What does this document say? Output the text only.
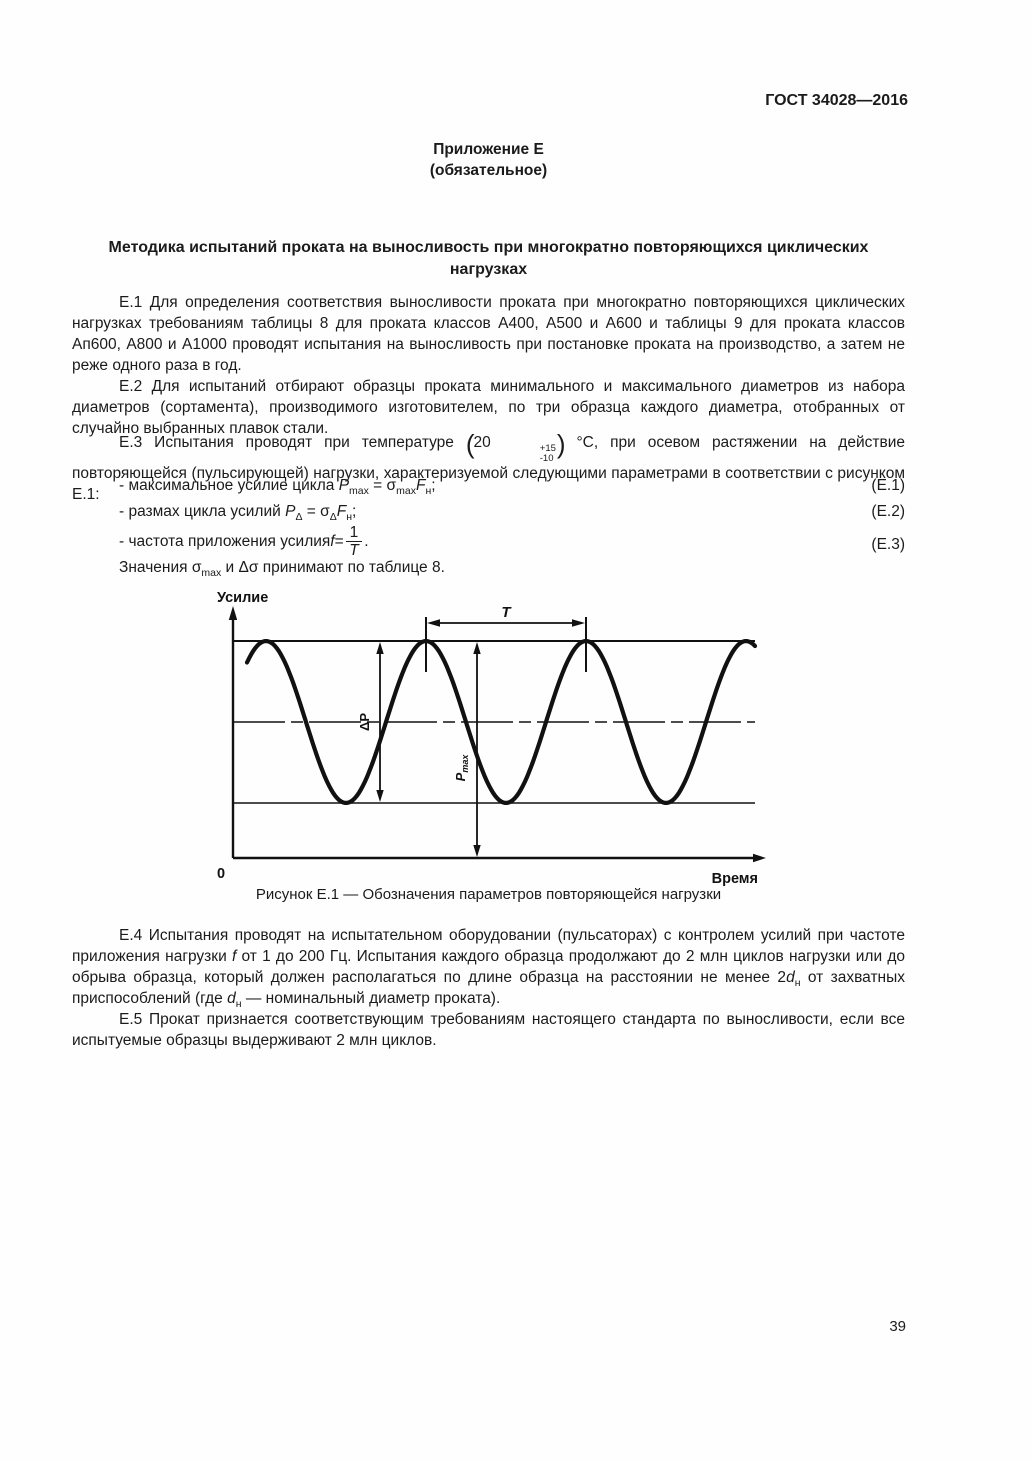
ГОСТ 34028—2016
Приложение Е
(обязательное)
Методика испытаний проката на выносливость при многократно повторяющихся циклических нагрузках

Е.1 Для определения соответствия выносливости проката при многократно повторяющихся циклических нагрузках требованиям таблицы 8 для проката классов А400, А500 и А600 и таблицы 9 для проката классов Ап600, А800 и А1000 проводят испытания на выносливость при постановке проката на производство, а затем не реже одного раза в год.

Е.2 Для испытаний отбирают образцы проката минимального и максимального диаметров из набора диаметров (сортамента), производимого изготовителем, по три образца каждого диаметра, отобранных от случайно выбранных плавок стали.

Е.3 Испытания проводят при температуре (20	+15
-10 ) °С, при осевом растяжении на действие повторяющейся (пульсирующей) нагрузки, характеризуемой следующими параметрами в соответствии с рисунком Е.1:

- максимальное усилие цикла $P_{max} = \sigma_{max}F_н$;	(Е.1)
- размах цикла усилий $P_\Delta = \sigma_\Delta F_н$;	(Е.2)
- частота приложения усилия $f = \frac{1}{T}$ .	(Е.3)

Значения $\sigma_{max}$ и Δσ принимают по таблице 8.

T
ΔP
$P_{max}$
Усилие
Время
0
Рисунок Е.1 — Обозначения параметров повторяющейся нагрузки

Е.4 Испытания проводят на испытательном оборудовании (пульсаторах) с контролем усилий при частоте приложения нагрузки f от 1 до 200 Гц. Испытания каждого образца продолжают до 2 млн циклов нагрузки или до обрыва образца, который должен располагаться по длине образца на расстоянии не менее $2d_н$ от захватных приспособлений (где $d_н$ — номинальный диаметр проката).

Е.5 Прокат признается соответствующим требованиям настоящего стандарта по выносливости, если все испытуемые образцы выдерживают 2 млн циклов.

39
